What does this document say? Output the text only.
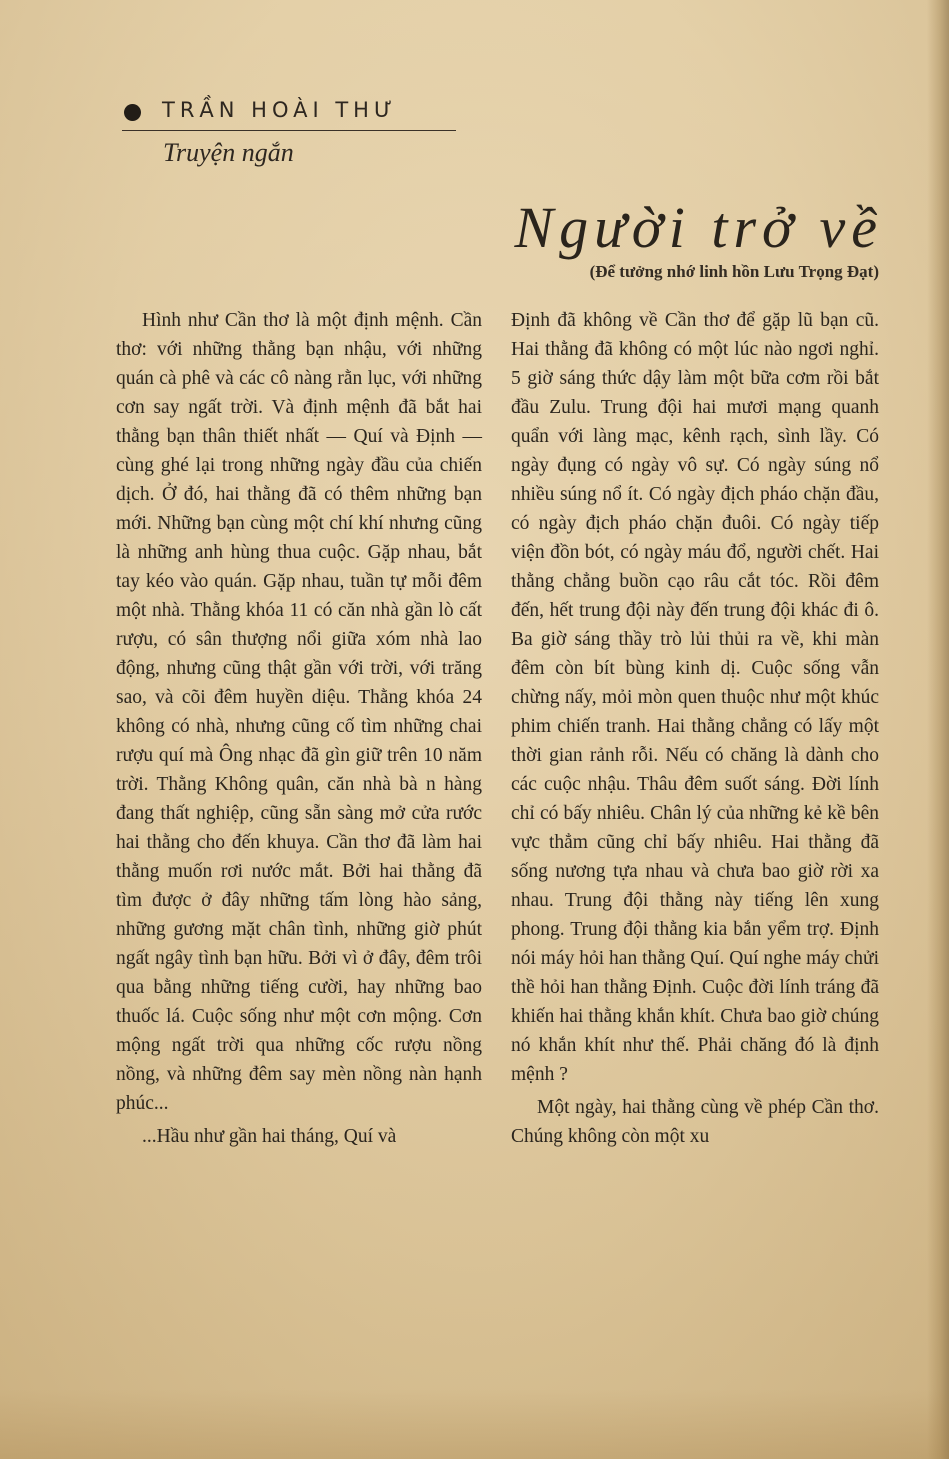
TRẦN HOÀI THƯ
Truyện ngắn
Người trở về
(Để tưởng nhớ linh hồn Lưu Trọng Đạt)

Hình như Cần thơ là một định mệnh. Cần thơ: với những thằng bạn nhậu, với những quán cà phê và các cô nàng rằn lục, với những cơn say ngất trời. Và định mệnh đã bắt hai thằng bạn thân thiết nhất — Quí và Định — cùng ghé lại trong những ngày đầu của chiến dịch. Ở đó, hai thằng đã có thêm những bạn mới. Những bạn cùng một chí khí nhưng cũng là những anh hùng thua cuộc. Gặp nhau, bắt tay kéo vào quán. Gặp nhau, tuần tự mỗi đêm một nhà. Thằng khóa 11 có căn nhà gần lò cất rượu, có sân thượng nổi giữa xóm nhà lao động, nhưng cũng thật gần với trời, với trăng sao, và cõi đêm huyền diệu. Thằng khóa 24 không có nhà, nhưng cũng cố tìm những chai rượu quí mà Ông nhạc đã gìn giữ trên 10 năm trời. Thằng Không quân, căn nhà bà n hàng đang thất nghiệp, cũng sẵn sàng mở cửa rước hai thằng cho đến khuya. Cần thơ đã làm hai thằng muốn rơi nước mắt. Bởi hai thằng đã tìm được ở đây những tấm lòng hào sảng, những gương mặt chân tình, những giờ phút ngất ngây tình bạn hữu. Bởi vì ở đây, đêm trôi qua bằng những tiếng cười, hay những bao thuốc lá. Cuộc sống như một cơn mộng. Cơn mộng ngất trời qua những cốc rượu nồng nồng, và những đêm say mèn nồng nàn hạnh phúc...

...Hầu như gần hai tháng, Quí và

Định đã không về Cần thơ để gặp lũ bạn cũ. Hai thằng đã không có một lúc nào ngơi nghỉ. 5 giờ sáng thức dậy làm một bữa cơm rồi bắt đầu Zulu. Trung đội hai mươi mạng quanh quẩn với làng mạc, kênh rạch, sình lầy. Có ngày đụng có ngày vô sự. Có ngày súng nổ nhiều súng nổ ít. Có ngày địch pháo chặn đầu, có ngày địch pháo chặn đuôi. Có ngày tiếp viện đồn bót, có ngày máu đổ, người chết. Hai thằng chẳng buồn cạo râu cắt tóc. Rồi đêm đến, hết trung đội này đến trung đội khác đi ô. Ba giờ sáng thầy trò lủi thủi ra về, khi màn đêm còn bít bùng kinh dị. Cuộc sống vẫn chừng nấy, mỏi mòn quen thuộc như một khúc phim chiến tranh. Hai thằng chẳng có lấy một thời gian rảnh rỗi. Nếu có chăng là dành cho các cuộc nhậu. Thâu đêm suốt sáng. Đời lính chỉ có bấy nhiêu. Chân lý của những kẻ kề bên vực thẳm cũng chỉ bấy nhiêu. Hai thằng đã sống nương tựa nhau và chưa bao giờ rời xa nhau. Trung đội thằng này tiếng lên xung phong. Trung đội thằng kia bắn yểm trợ. Định nói máy hỏi han thằng Quí. Quí nghe máy chửi thề hỏi han thằng Định. Cuộc đời lính tráng đã khiến hai thằng khắn khít. Chưa bao giờ chúng nó khắn khít như thế. Phải chăng đó là định mệnh ?

Một ngày, hai thằng cùng về phép Cần thơ. Chúng không còn một xu
